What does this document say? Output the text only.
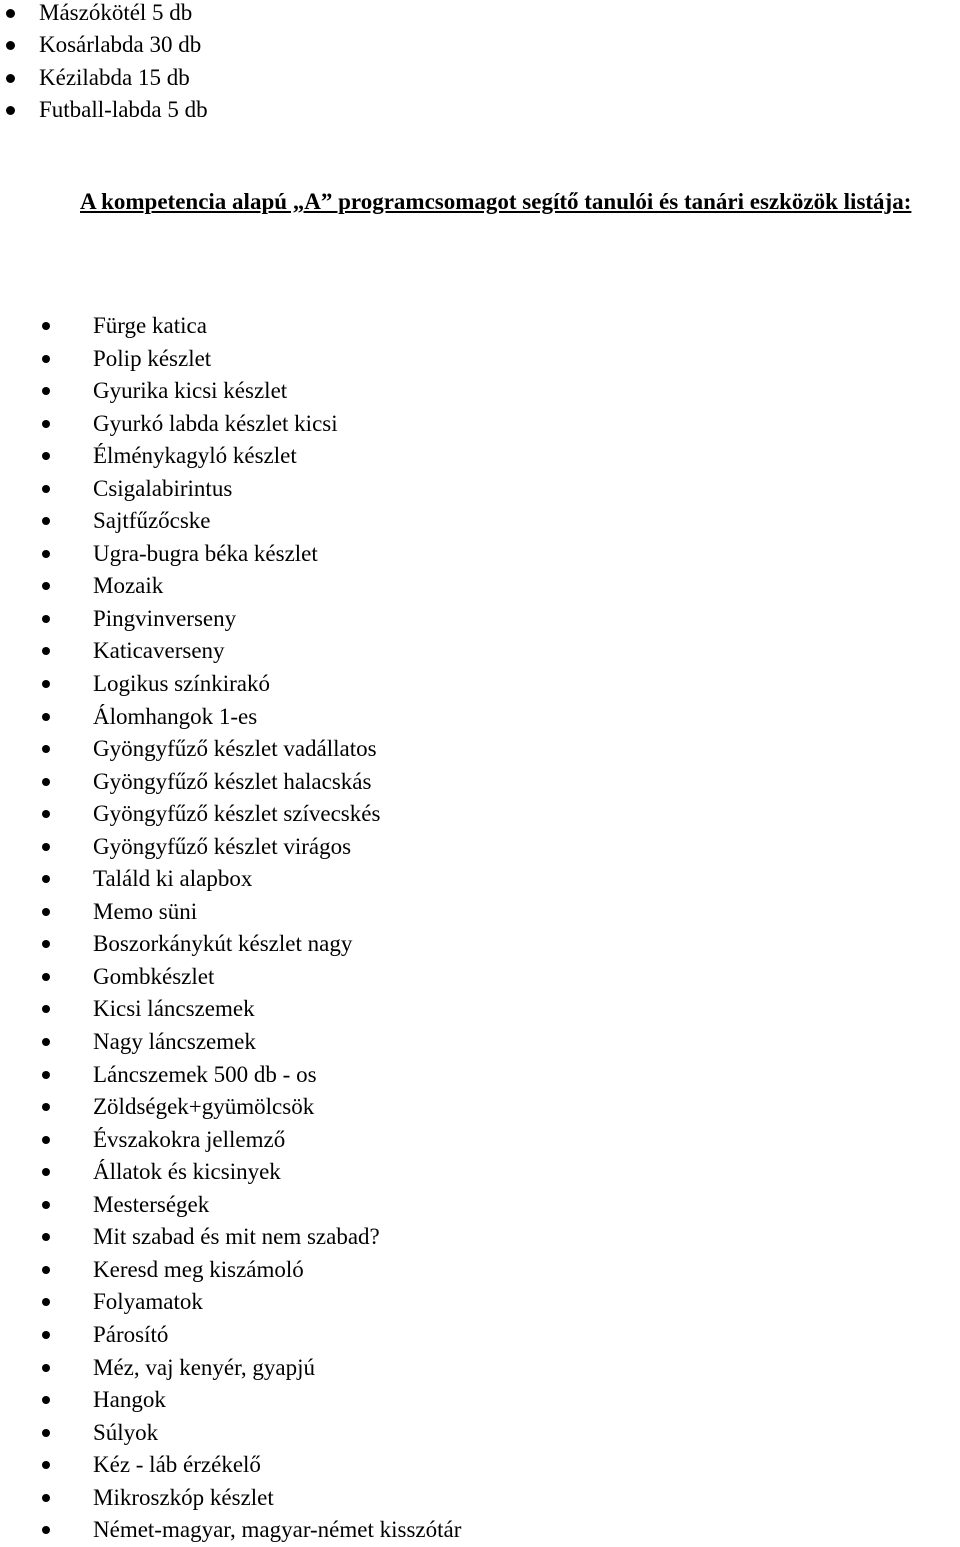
Mászókötél 5 db
Kosárlabda 30 db
Kézilabda 15 db
Futball-labda 5 db
A kompetencia alapú „A” programcsomagot segítő tanulói és tanári eszközök listája:
Fürge katica
Polip készlet
Gyurika kicsi készlet
Gyurkó labda készlet kicsi
Élménykagyló készlet
Csigalabirintus
Sajtfűzőcske
Ugra-bugra béka készlet
Mozaik
Pingvinverseny
Katicaverseny
Logikus színkirakó
Álomhangok 1-es
Gyöngyfűző készlet vadállatos
Gyöngyfűző készlet halacskás
Gyöngyfűző készlet szívecskés
Gyöngyfűző készlet virágos
Találd ki alapbox
Memo süni
Boszorkánykút készlet nagy
Gombkészlet
Kicsi láncszemek
Nagy láncszemek
Láncszemek 500 db - os
Zöldségek+gyümölcsök
Évszakokra jellemző
Állatok és kicsinyek
Mesterségek
Mit szabad és mit nem szabad?
Keresd meg kiszámoló
Folyamatok
Párosító
Méz, vaj kenyér, gyapjú
Hangok
Súlyok
Kéz - láb érzékelő
Mikroszkóp készlet
Német-magyar, magyar-német kisszótár
